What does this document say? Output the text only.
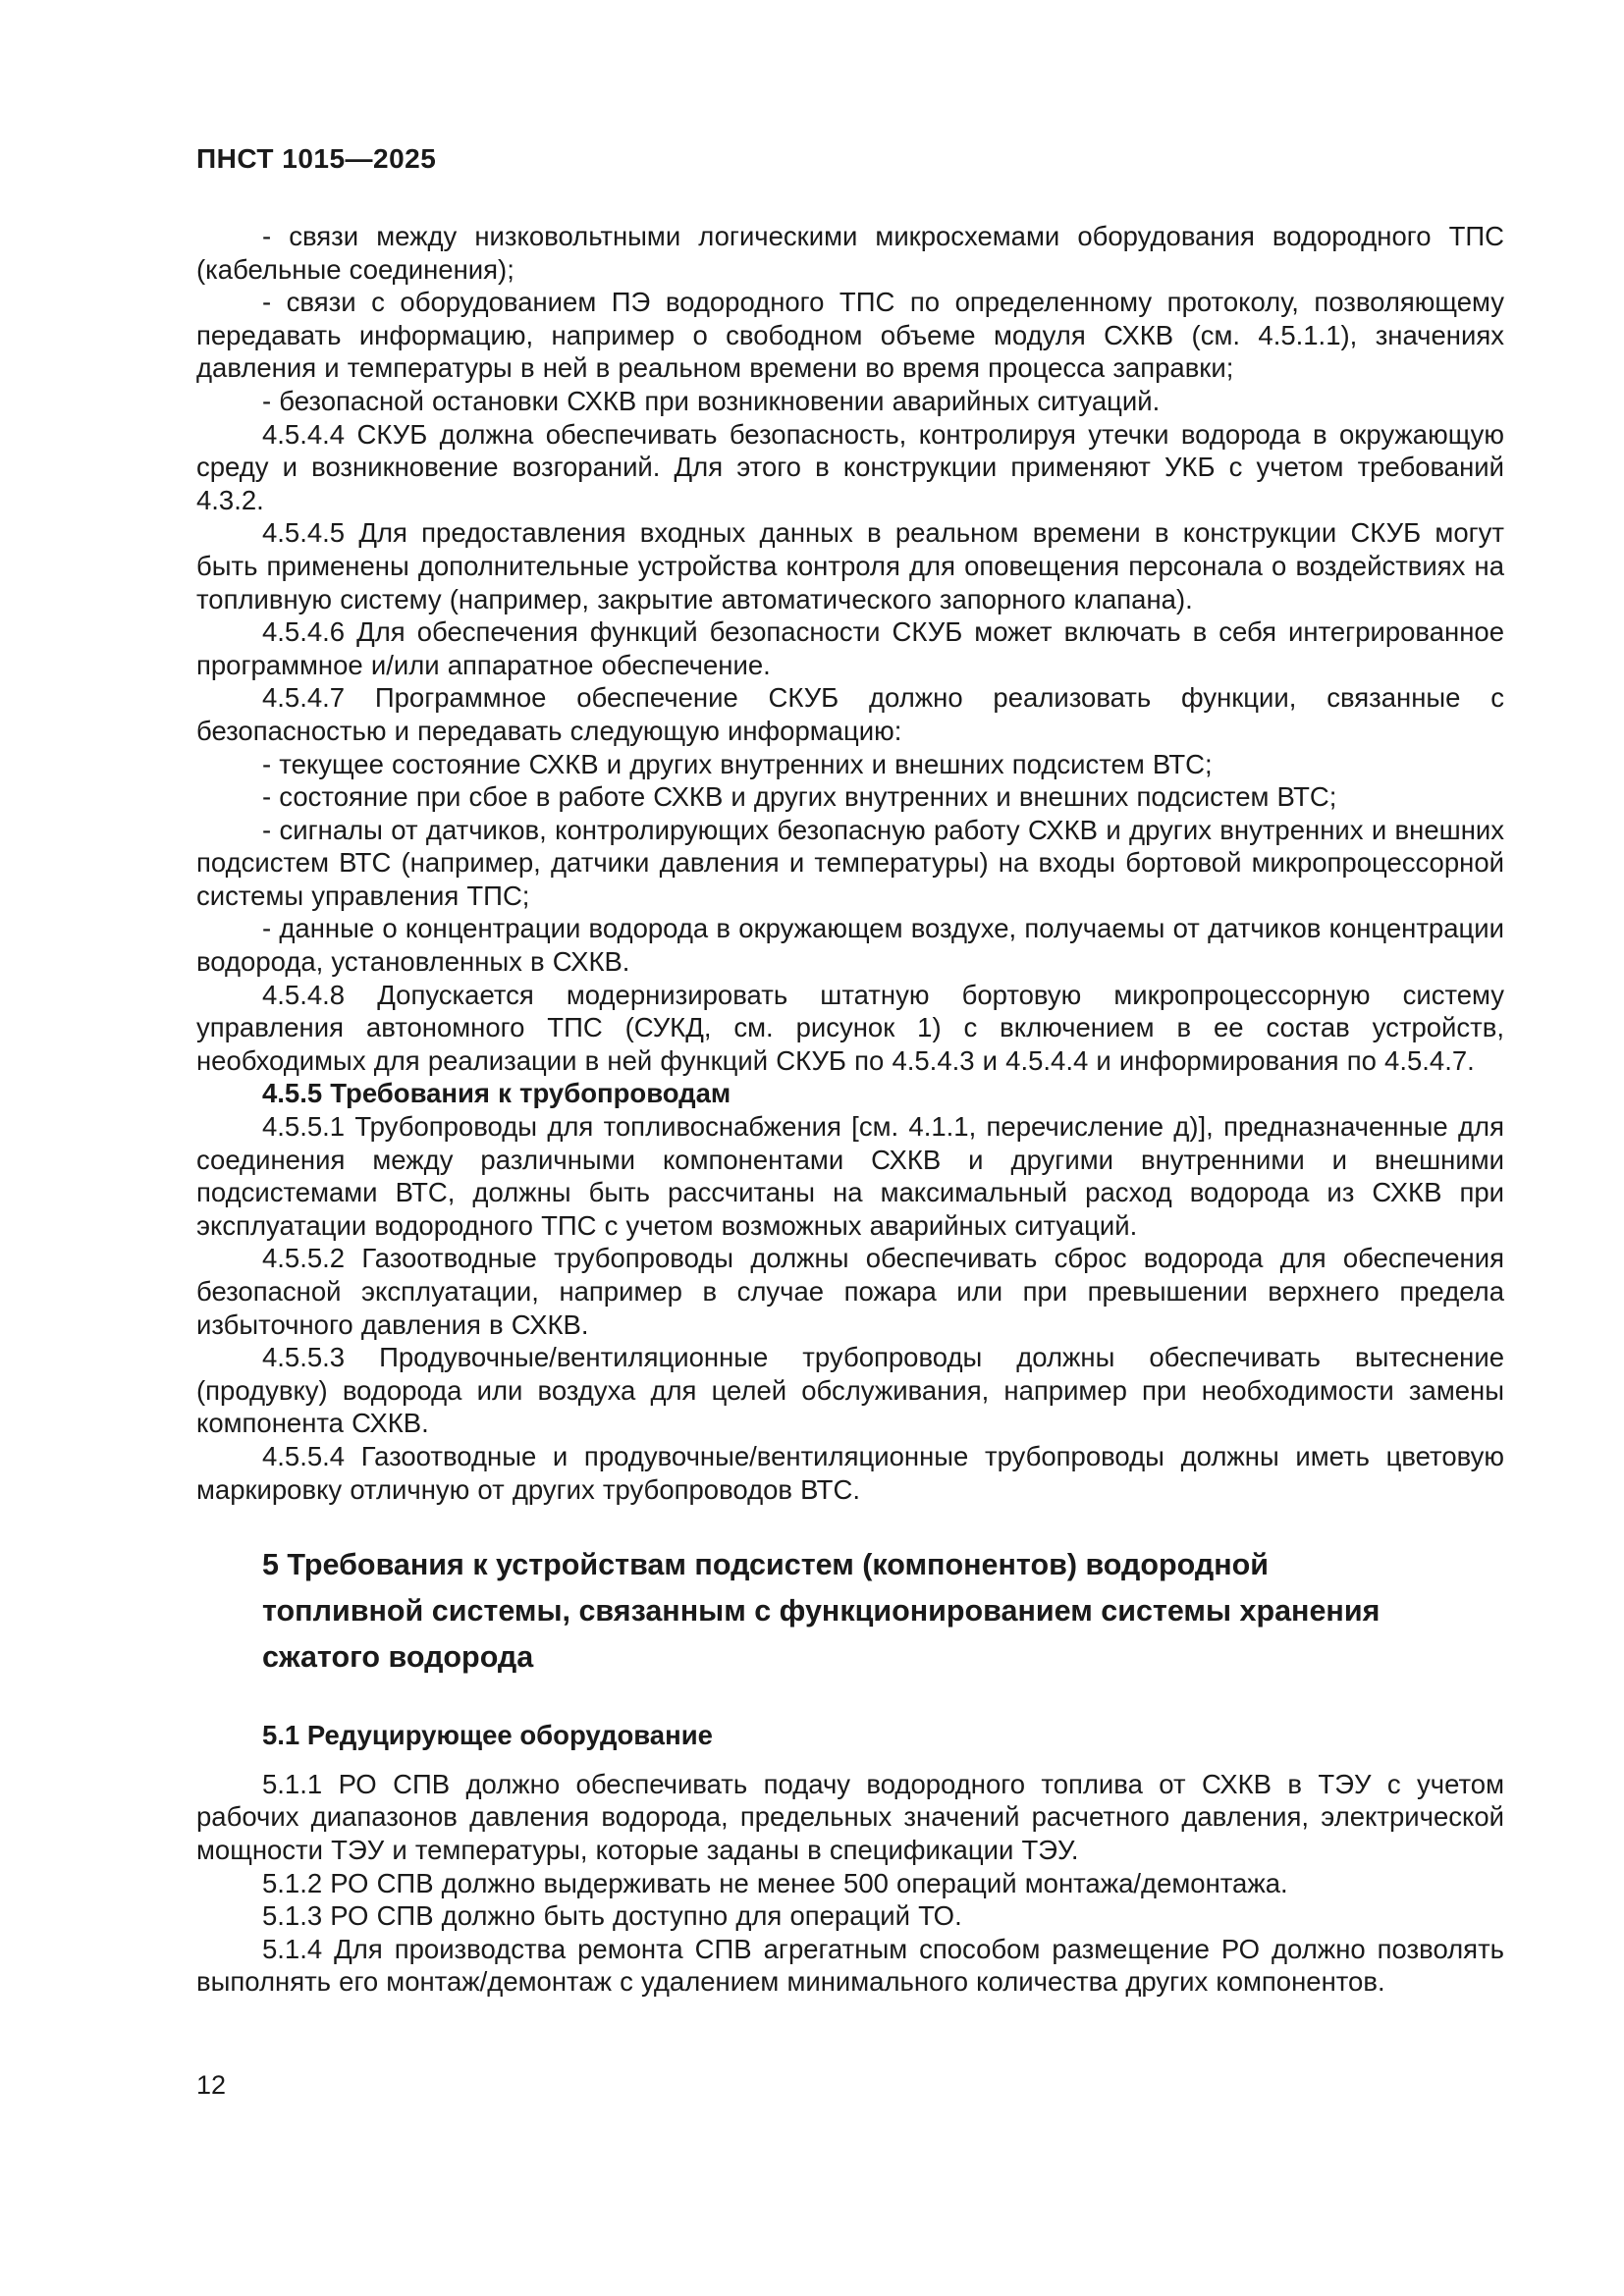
ПНСТ 1015—2025

- связи между низковольтными логическими микросхемами оборудования водородного ТПС (кабельные соединения);

- связи с оборудованием ПЭ водородного ТПС по определенному протоколу, позволяющему передавать информацию, например о свободном объеме модуля СХКВ (см. 4.5.1.1), значениях давления и температуры в ней в реальном времени во время процесса заправки;

- безопасной остановки СХКВ при возникновении аварийных ситуаций.

4.5.4.4 СКУБ должна обеспечивать безопасность, контролируя утечки водорода в окружающую среду и возникновение возгораний. Для этого в конструкции применяют УКБ с учетом требований 4.3.2.

4.5.4.5 Для предоставления входных данных в реальном времени в конструкции СКУБ могут быть применены дополнительные устройства контроля для оповещения персонала о воздействиях на топливную систему (например, закрытие автоматического запорного клапана).

4.5.4.6 Для обеспечения функций безопасности СКУБ может включать в себя интегрированное программное и/или аппаратное обеспечение.

4.5.4.7 Программное обеспечение СКУБ должно реализовать функции, связанные с безопасностью и передавать следующую информацию:

- текущее состояние СХКВ и других внутренних и внешних подсистем ВТС;

- состояние при сбое в работе СХКВ и других внутренних и внешних подсистем ВТС;

- сигналы от датчиков, контролирующих безопасную работу СХКВ и других внутренних и внешних подсистем ВТС (например, датчики давления и температуры) на входы бортовой микропроцессорной системы управления ТПС;

- данные о концентрации водорода в окружающем воздухе, получаемы от датчиков концентрации водорода, установленных в СХКВ.

4.5.4.8 Допускается модернизировать штатную бортовую микропроцессорную систему управления автономного ТПС (СУКД, см. рисунок 1) с включением в ее состав устройств, необходимых для реализации в ней функций СКУБ по 4.5.4.3 и 4.5.4.4 и информирования по 4.5.4.7.

4.5.5 Требования к трубопроводам

4.5.5.1 Трубопроводы для топливоснабжения [см. 4.1.1, перечисление д)], предназначенные для соединения между различными компонентами СХКВ и другими внутренними и внешними подсистемами ВТС, должны быть рассчитаны на максимальный расход водорода из СХКВ при эксплуатации водородного ТПС с учетом возможных аварийных ситуаций.

4.5.5.2 Газоотводные трубопроводы должны обеспечивать сброс водорода для обеспечения безопасной эксплуатации, например в случае пожара или при превышении верхнего предела избыточного давления в СХКВ.

4.5.5.3 Продувочные/вентиляционные трубопроводы должны обеспечивать вытеснение (продувку) водорода или воздуха для целей обслуживания, например при необходимости замены компонента СХКВ.

4.5.5.4 Газоотводные и продувочные/вентиляционные трубопроводы должны иметь цветовую маркировку отличную от других трубопроводов ВТС.

5 Требования к устройствам подсистем (компонентов) водородной
топливной системы, связанным с функционированием системы хранения
сжатого водорода

5.1 Редуцирующее оборудование

5.1.1 РО СПВ должно обеспечивать подачу водородного топлива от СХКВ в ТЭУ с учетом рабочих диапазонов давления водорода, предельных значений расчетного давления, электрической мощности ТЭУ и температуры, которые заданы в спецификации ТЭУ.

5.1.2 РО СПВ должно выдерживать не менее 500 операций монтажа/демонтажа.

5.1.3 РО СПВ должно быть доступно для операций ТО.

5.1.4 Для производства ремонта СПВ агрегатным способом размещение РО должно позволять выполнять его монтаж/демонтаж с удалением минимального количества других компонентов.

12
